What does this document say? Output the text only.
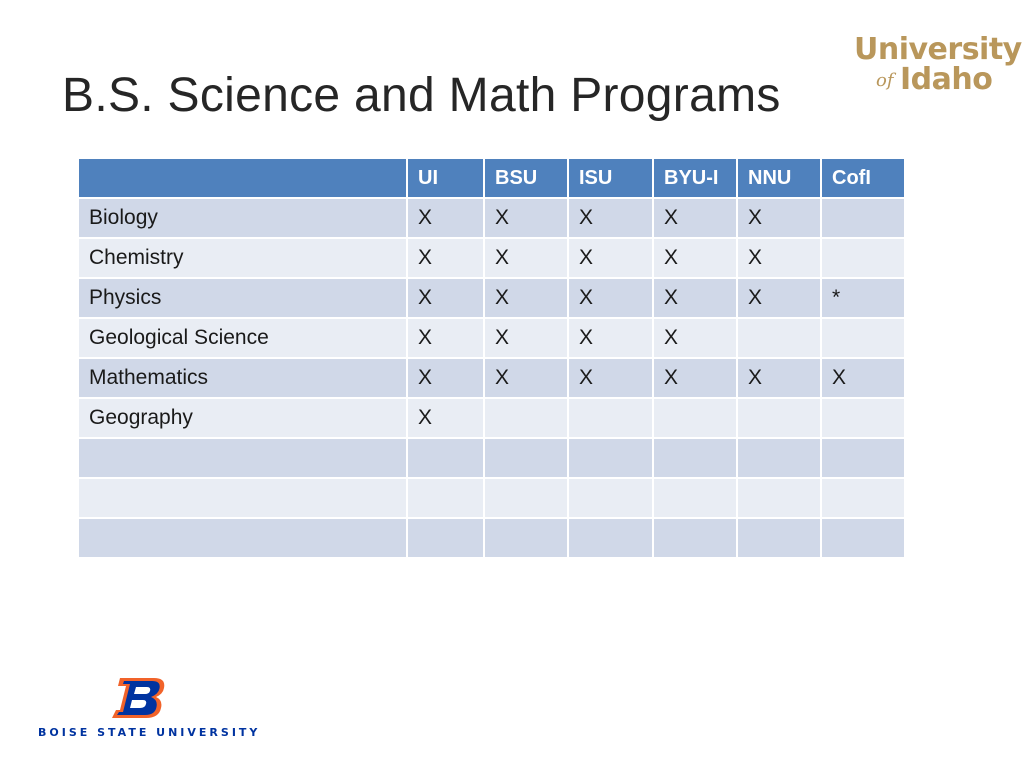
B.S. Science and Math Programs
University
of Idaho
	UI	BSU	ISU	BYU-I	NNU	CofI
Biology	X	X	X	X	X	
Chemistry	X	X	X	X	X	
Physics	X	X	X	X	X	*
Geological Science	X	X	X	X		
Mathematics	X	X	X	X	X	X
Geography	X					

BOISE STATE UNIVERSITY
